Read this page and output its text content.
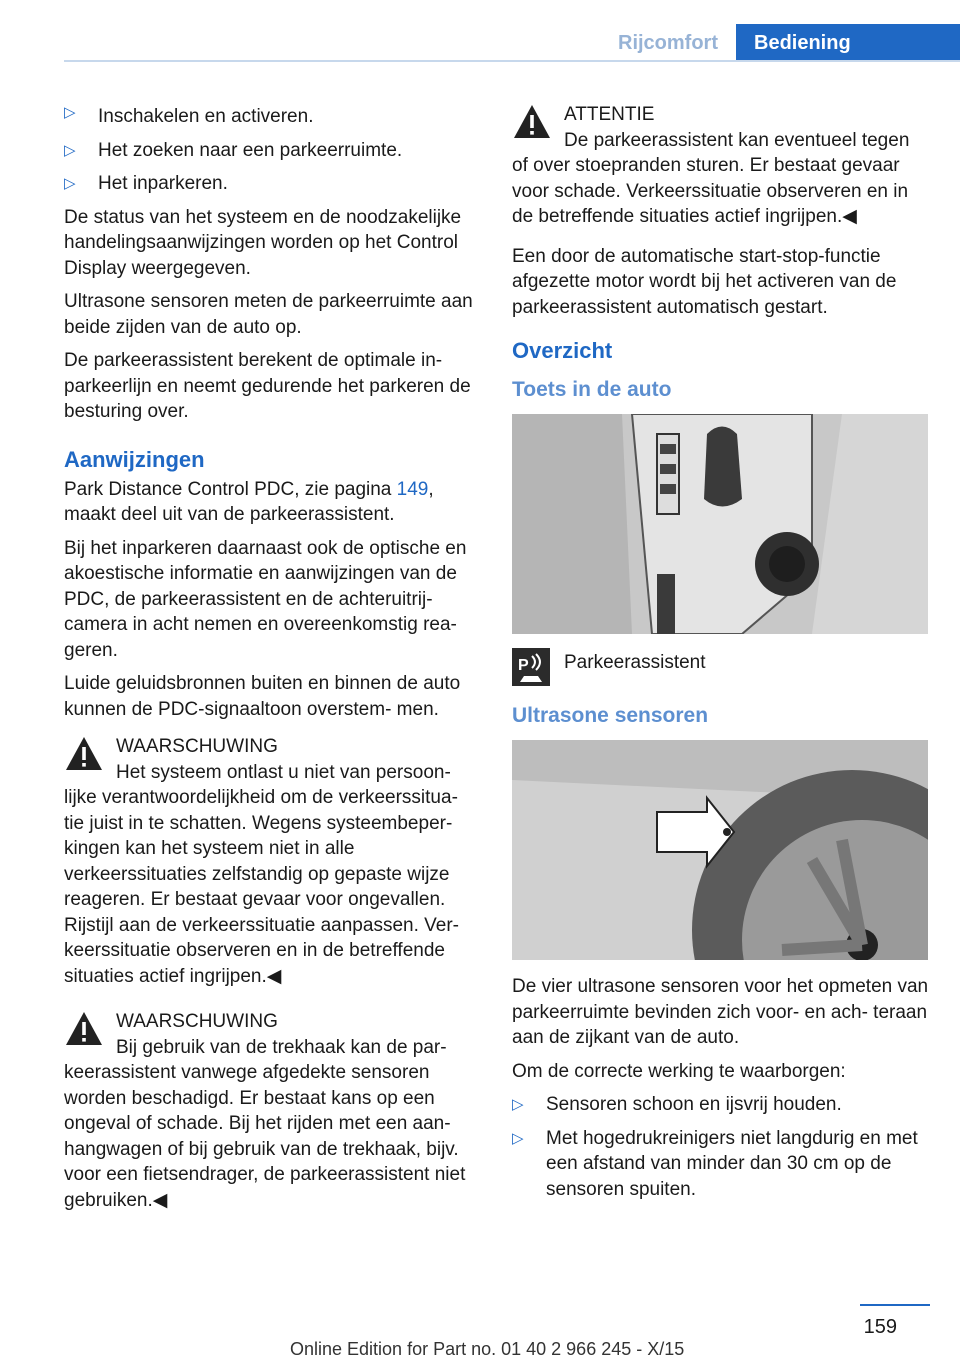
Rijcomfort	Bediening
▷ Inschakelen en activeren.
▷ Het zoeken naar een parkeerruimte.
▷ Het inparkeren.

De status van het systeem en de noodzakelijke handelingsaanwijzingen worden op het Control Display weergegeven.

Ultrasone sensoren meten de parkeerruimte aan beide zijden van de auto op.

De parkeerassistent berekent de optimale in‐ parkeerlijn en neemt gedurende het parkeren de besturing over.

Aanwijzingen

Park Distance Control PDC, zie pagina 149, maakt deel uit van de parkeerassistent.

Bij het inparkeren daarnaast ook de optische en akoestische informatie en aanwijzingen van de PDC, de parkeerassistent en de achteruitrij‐ camera in acht nemen en overeenkomstig rea‐ geren.

Luide geluidsbronnen buiten en binnen de auto kunnen de PDC-signaaltoon overstem‐ men.

WAARSCHUWING
Het systeem ontlast u niet van persoon‐
lijke verantwoordelijkheid om de verkeerssitua‐ tie juist in te schatten. Wegens systeembeper‐ kingen kan het systeem niet in alle verkeerssituaties zelfstandig op gepaste wijze reageren. Er bestaat gevaar voor ongevallen. Rijstijl aan de verkeerssituatie aanpassen. Ver‐ keerssituatie observeren en in de betreffende situaties actief ingrijpen.◀
WAARSCHUWING
Bij gebruik van de trekhaak kan de par‐
keerassistent vanwege afgedekte sensoren worden beschadigd. Er bestaat kans op een ongeval of schade. Bij het rijden met een aan‐ hangwagen of bij gebruik van de trekhaak, bijv. voor een fietsendrager, de parkeerassistent niet gebruiken.◀
ATTENTIE
De parkeerassistent kan eventueel tegen
of over stoepranden sturen. Er bestaat gevaar voor schade. Verkeerssituatie observeren en in de betreffende situaties actief ingrijpen.◀

Een door de automatische start-stop-functie afgezette motor wordt bij het activeren van de parkeerassistent automatisch gestart.

Overzicht
Toets in de auto
P Parkeerassistent
Ultrasone sensoren

De vier ultrasone sensoren voor het opmeten van parkeerruimte bevinden zich voor- en ach‐ teraan aan de zijkant van de auto.

Om de correcte werking te waarborgen:

▷ Sensoren schoon en ijsvrij houden.
▷ Met hogedrukreinigers niet langdurig en met een afstand van minder dan 30 cm op de sensoren spuiten.
159
Online Edition for Part no. 01 40 2 966 245 - X/15
